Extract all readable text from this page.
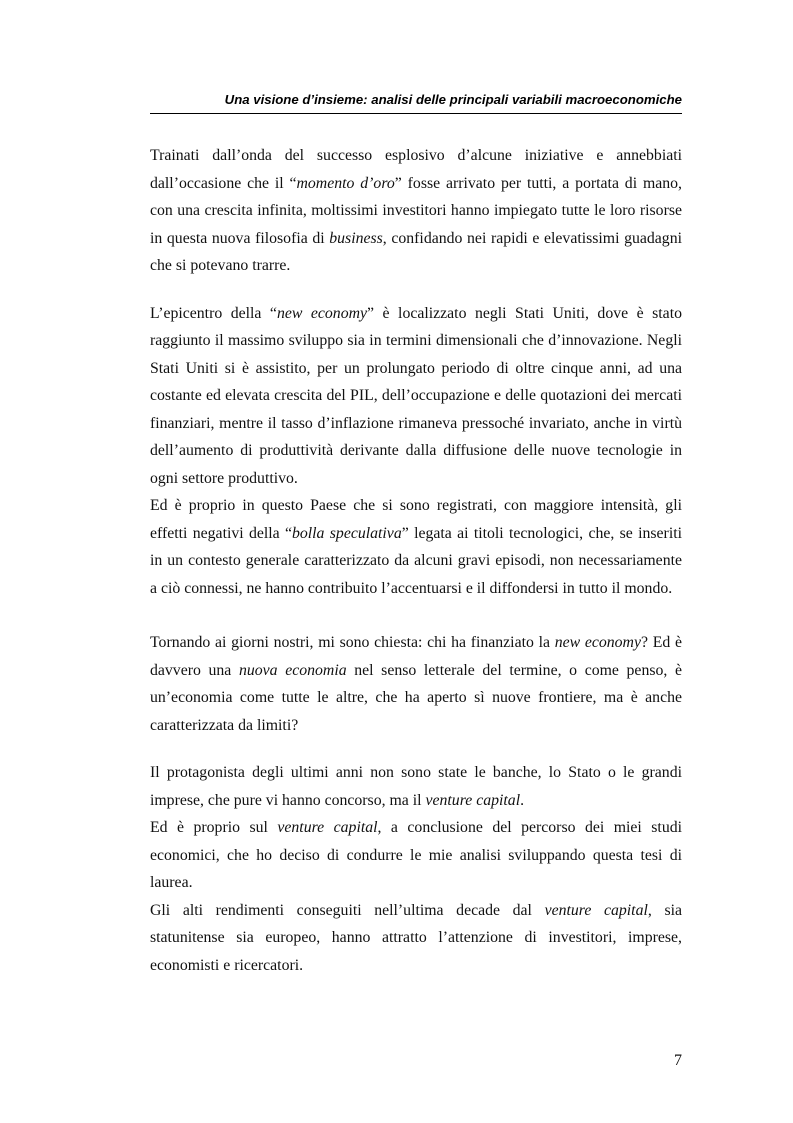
Una visione d’insieme: analisi delle principali variabili macroeconomiche

Trainati dall’onda del successo esplosivo d’alcune iniziative e annebbiati dall’occasione che il “momento d’oro” fosse arrivato per tutti, a portata di mano, con una crescita infinita, moltissimi investitori hanno impiegato tutte le loro risorse in questa nuova filosofia di business, confidando nei rapidi e elevatissimi guadagni che si potevano trarre.

L’epicentro della “new economy” è localizzato negli Stati Uniti, dove è stato raggiunto il massimo sviluppo sia in termini dimensionali che d’innovazione. Negli Stati Uniti si è assistito, per un prolungato periodo di oltre cinque anni, ad una costante ed elevata crescita del PIL, dell’occupazione e delle quotazioni dei mercati finanziari, mentre il tasso d’inflazione rimaneva pressoché invariato, anche in virtù dell’aumento di produttività derivante dalla diffusione delle nuove tecnologie in ogni settore produttivo.

Ed è proprio in questo Paese che si sono registrati, con maggiore intensità, gli effetti negativi della “bolla speculativa” legata ai titoli tecnologici, che, se inseriti in un contesto generale caratterizzato da alcuni gravi episodi, non necessariamente a ciò connessi, ne hanno contribuito l’accentuarsi e il diffondersi in tutto il mondo.

Tornando ai giorni nostri, mi sono chiesta: chi ha finanziato la new economy? Ed è davvero una nuova economia nel senso letterale del termine, o come penso, è un’economia come tutte le altre, che ha aperto sì nuove frontiere, ma è anche caratterizzata da limiti?

Il protagonista degli ultimi anni non sono state le banche, lo Stato o le grandi imprese, che pure vi hanno concorso, ma il venture capital.

Ed è proprio sul venture capital, a conclusione del percorso dei miei studi economici, che ho deciso di condurre le mie analisi sviluppando questa tesi di laurea.

Gli alti rendimenti conseguiti nell’ultima decade dal venture capital, sia statunitense sia europeo, hanno attratto l’attenzione di investitori, imprese, economisti e ricercatori.

7
